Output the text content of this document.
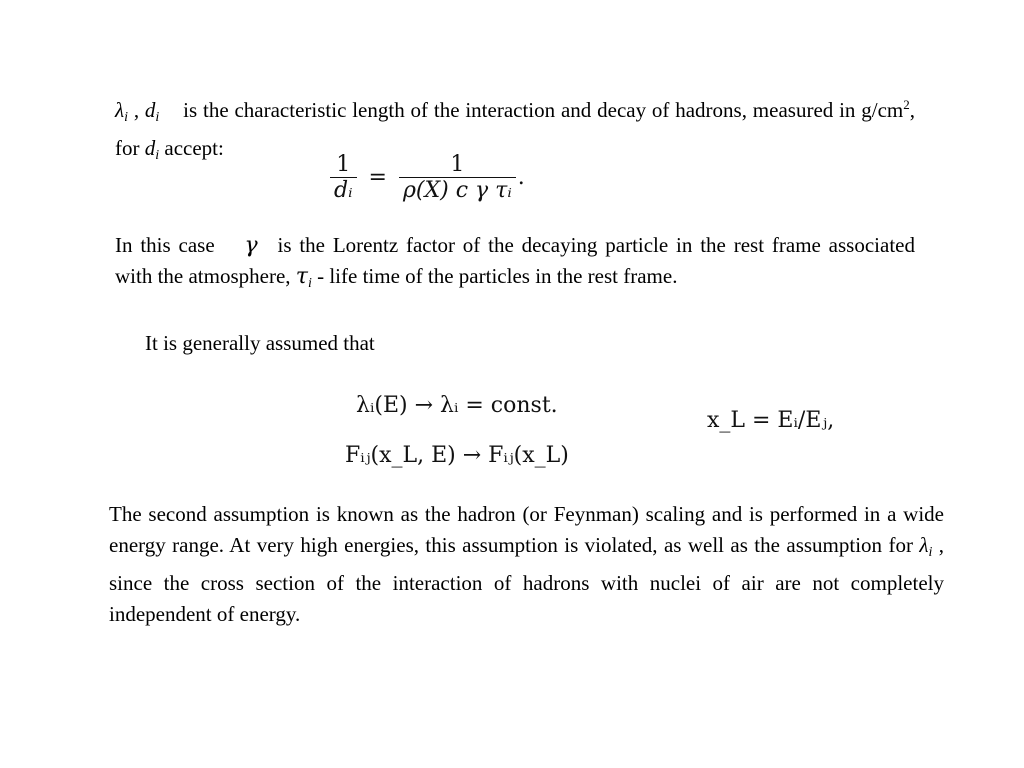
$\lambda_i$ , $d_i$ is the characteristic length of the interaction and decay of hadrons, measured in $g/cm^2$, for $d_i$ accept:
$\frac{1}{\text{dᵢ}} = \frac{1}{\text{ρ(X) c γ τᵢ}}$ .
In this case γ is the Lorentz factor of the decaying particle in the rest frame associated with the atmosphere, $\tau_i$ - life time of the particles in the rest frame.
It is generally assumed that
λᵢ(E) → λᵢ = const.
Fᵢⱼ(x_L, E) → Fᵢⱼ(x_L)
x_L = Eᵢ/Eⱼ,
The second assumption is known as the hadron (or Feynman) scaling and is performed in a wide energy range. At very high energies, this assumption is violated, as well as the assumption for $\lambda_i$ , since the cross section of the interaction of hadrons with nuclei of air are not completely independent of energy.
